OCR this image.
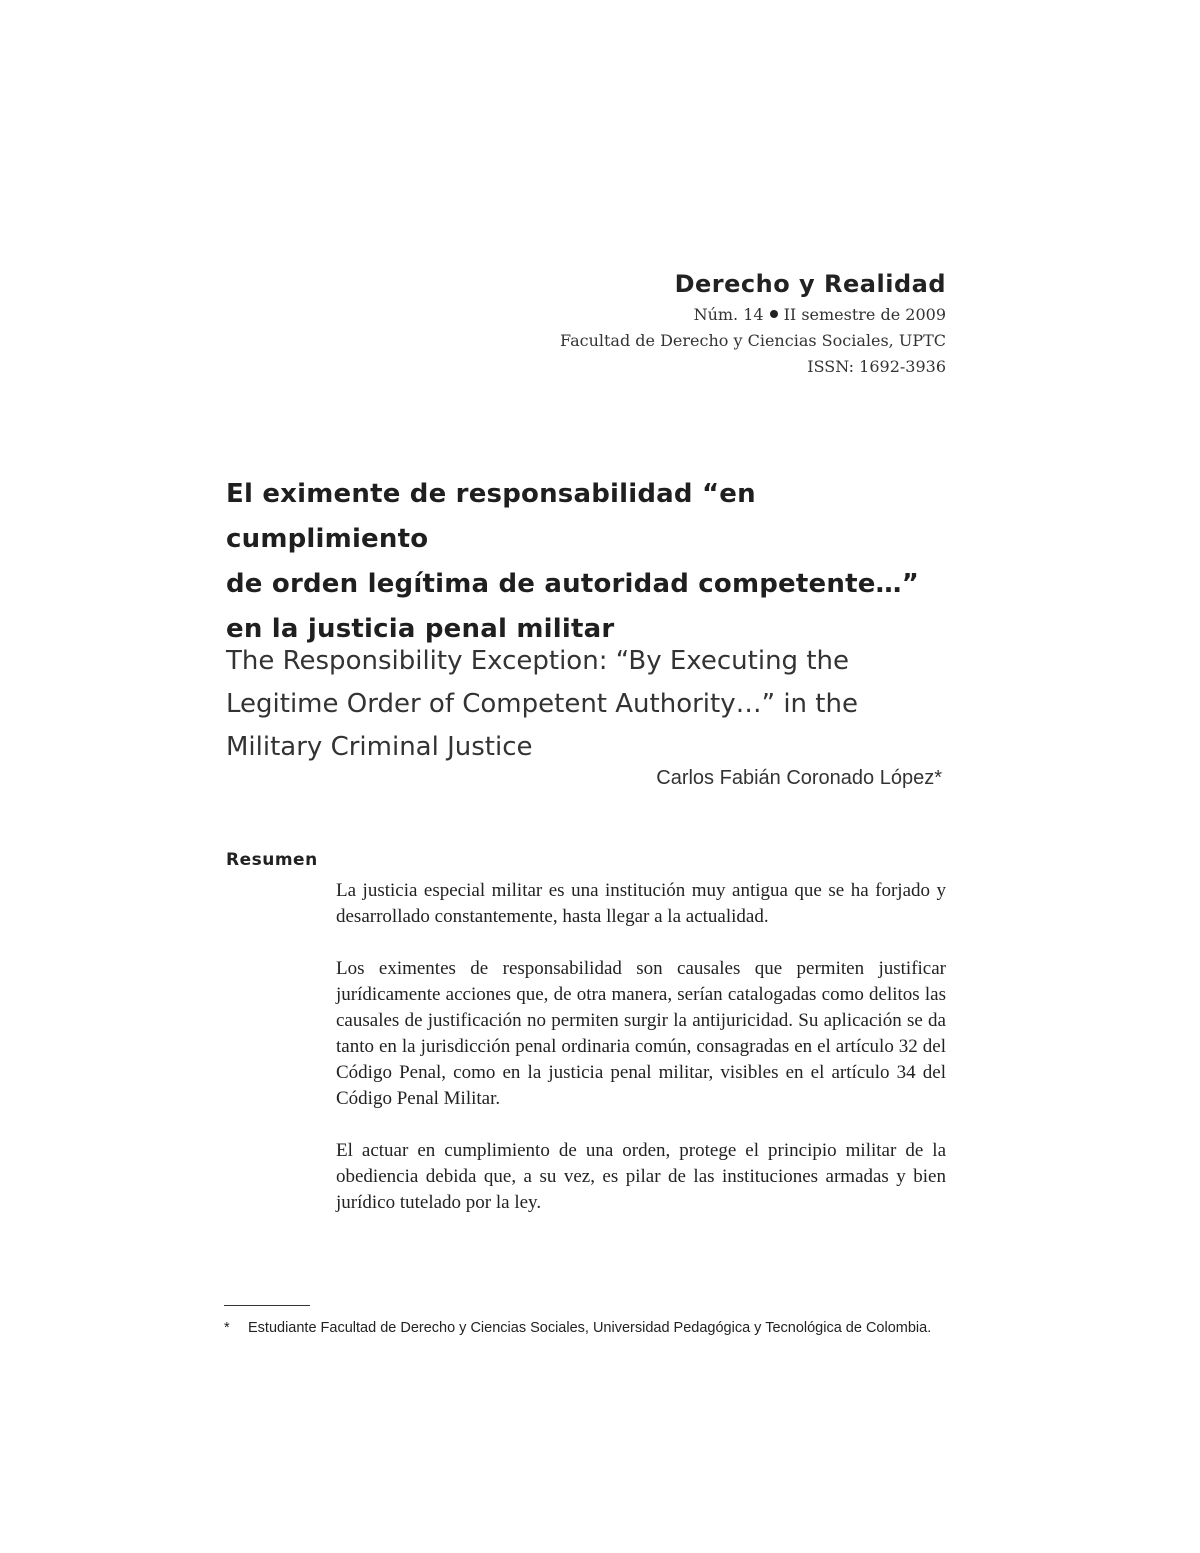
Derecho y Realidad
Núm. 14 II semestre de 2009
Facultad de Derecho y Ciencias Sociales, UPTC
ISSN: 1692-3936
El eximente de responsabilidad “en cumplimiento
de orden legítima de autoridad competente…”
en la justicia penal militar
The Responsibility Exception: “By Executing the
Legitime Order of Competent Authority…” in the
Military Criminal Justice
Carlos Fabián Coronado López*
Resumen

La justicia especial militar es una institución muy antigua que se ha forjado y desarrollado constantemente, hasta llegar a la actualidad.

Los eximentes de responsabilidad son causales que permiten justificar jurídicamente acciones que, de otra manera, serían catalogadas como delitos las causales de justificación no permiten surgir la antijuricidad. Su aplicación se da tanto en la jurisdicción penal ordinaria común, consagradas en el artículo 32 del Código Penal, como en la justicia penal militar, visibles en el artículo 34 del Código Penal Militar.

El actuar en cumplimiento de una orden, protege el principio militar de la obediencia debida que, a su vez, es pilar de las instituciones armadas y bien jurídico tutelado por la ley.

*	Estudiante Facultad de Derecho y Ciencias Sociales, Universidad Pedagógica y Tecnológica de Colombia.
